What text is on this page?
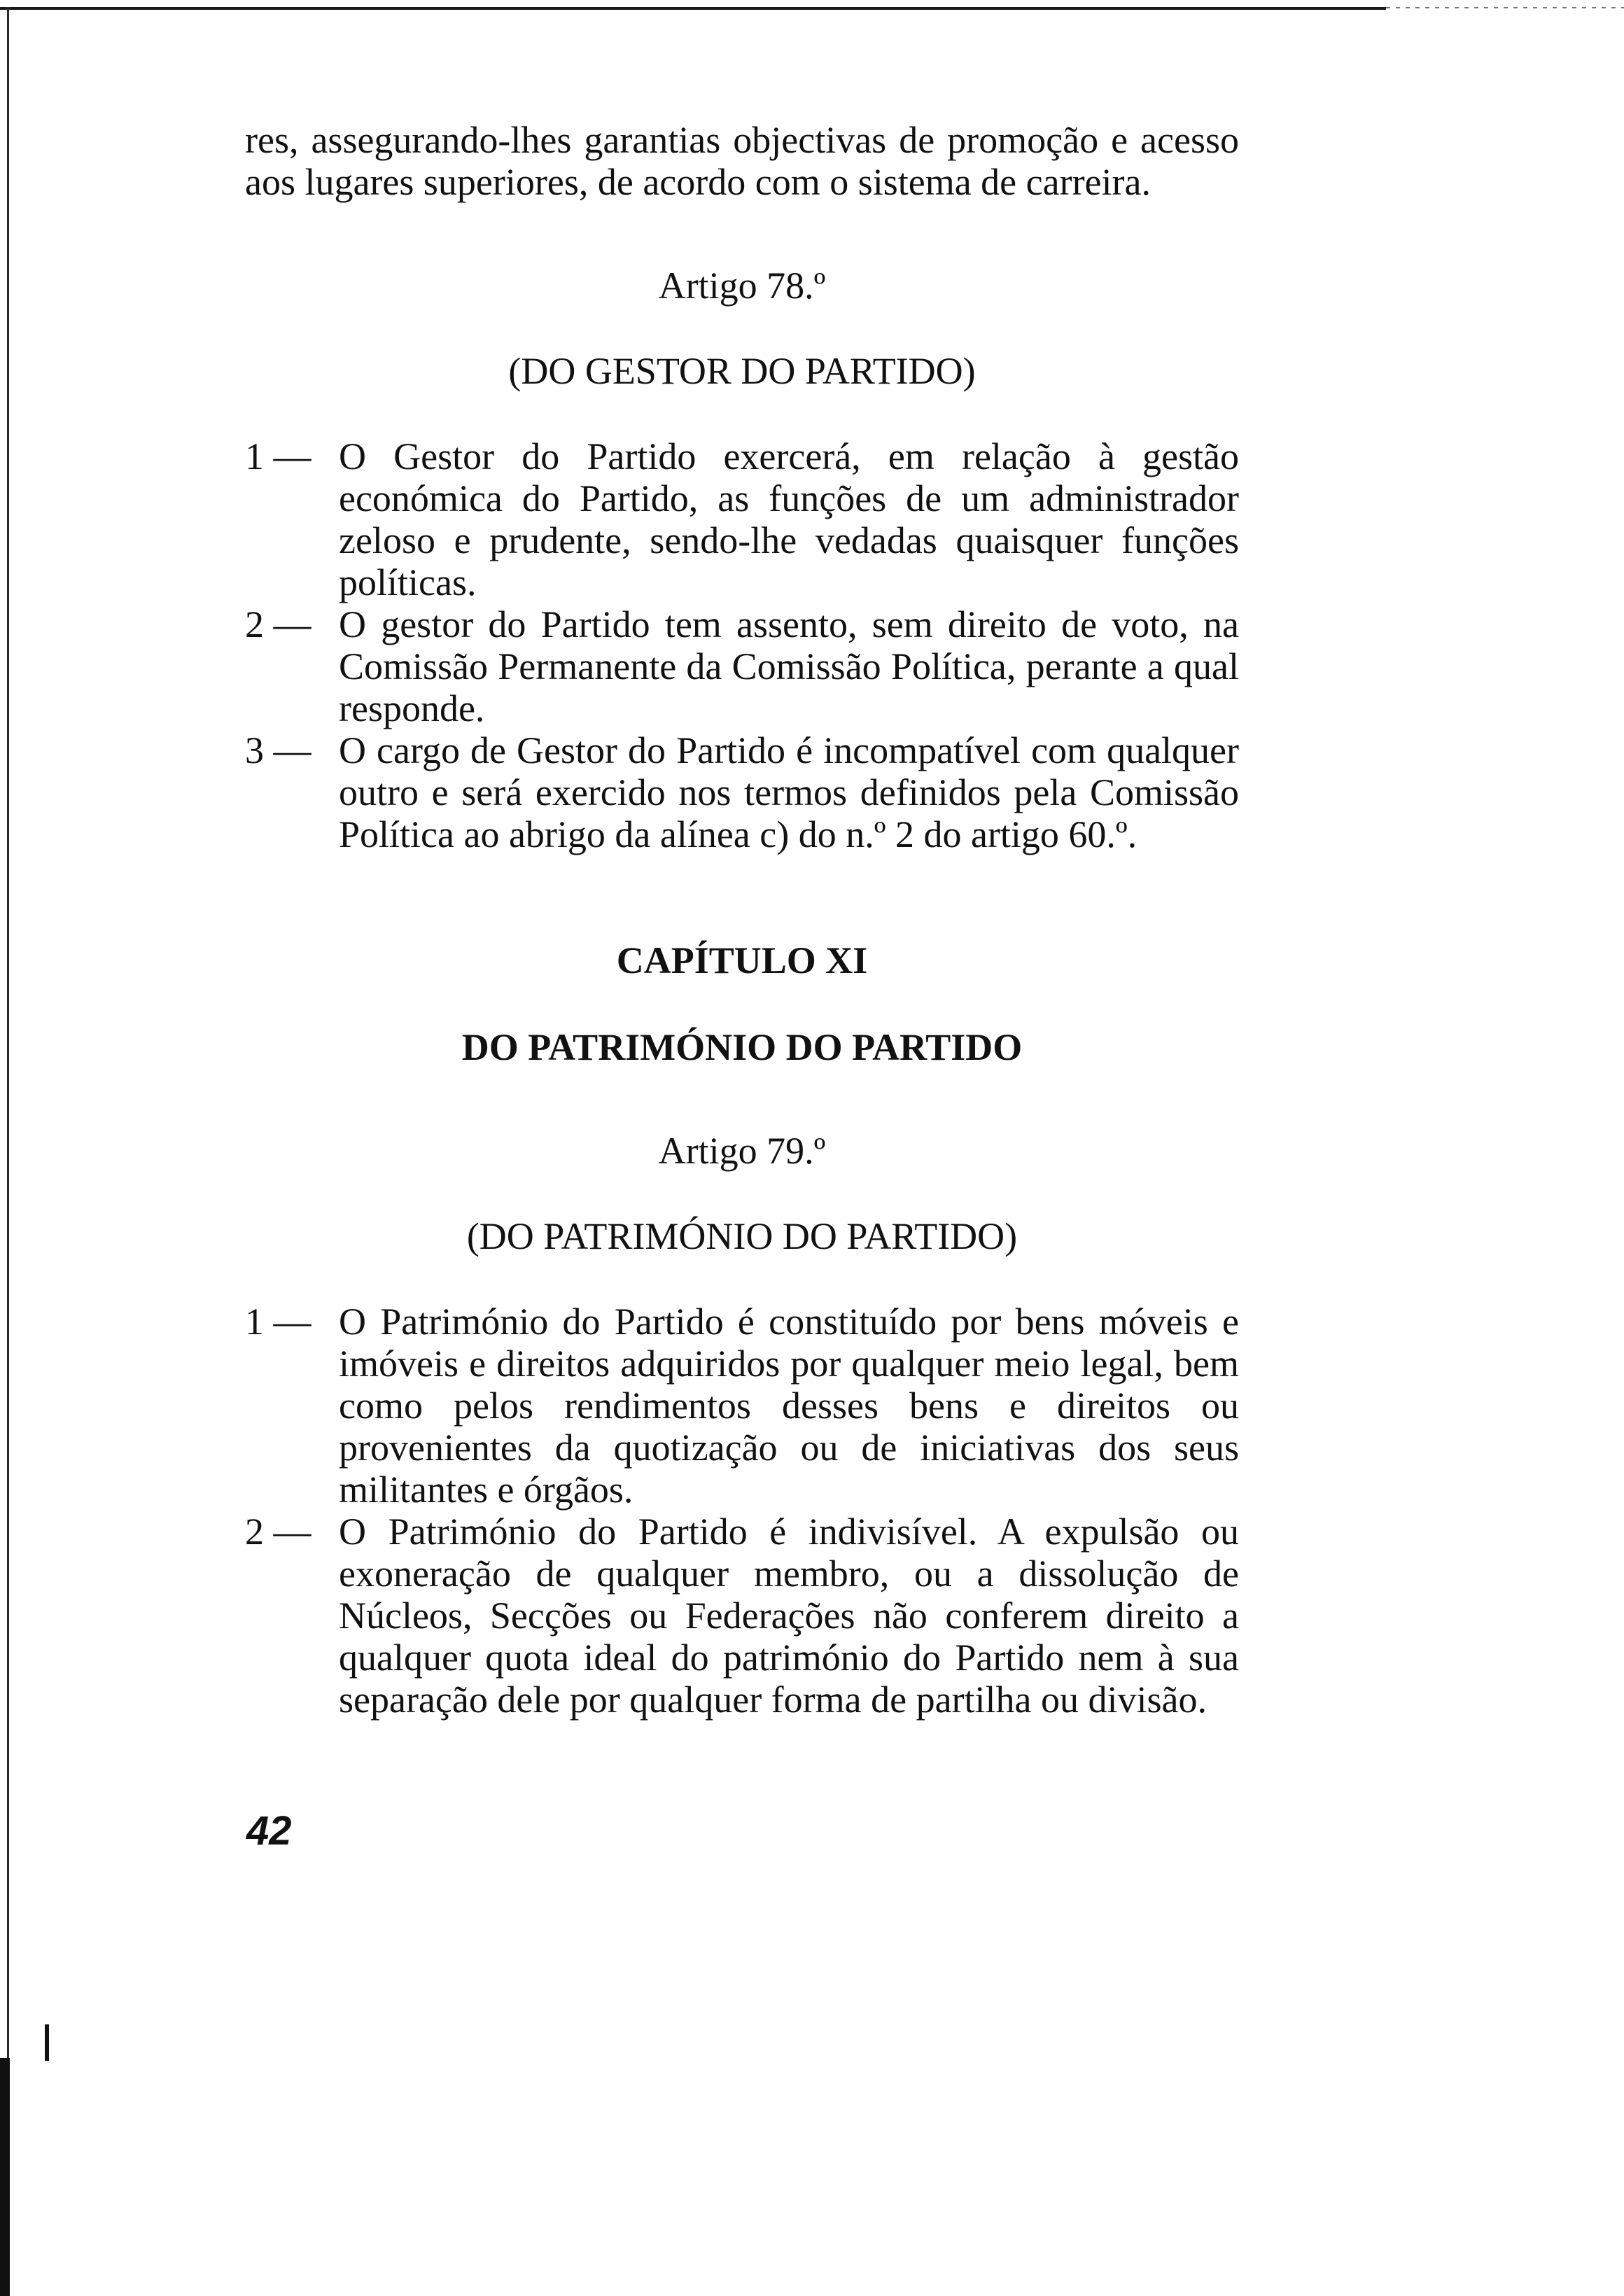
res, assegurando-lhes garantias objectivas de promoção e acesso aos lugares superiores, de acordo com o sistema de carreira.

Artigo 78.º
(DO GESTOR DO PARTIDO)
1 — O Gestor do Partido exercerá, em relação à gestão económica do Partido, as funções de um administrador zeloso e prudente, sendo-lhe vedadas quaisquer funções políticas.

2 — O gestor do Partido tem assento, sem direito de voto, na Comissão Permanente da Comissão Política, perante a qual responde.

3 — O cargo de Gestor do Partido é incompatível com qualquer outro e será exercido nos termos definidos pela Comissão Política ao abrigo da alínea c) do n.º 2 do artigo 60.º.

CAPÍTULO XI
DO PATRIMÓNIO DO PARTIDO
Artigo 79.º
(DO PATRIMÓNIO DO PARTIDO)
1 — O Património do Partido é constituído por bens móveis e imóveis e direitos adquiridos por qualquer meio legal, bem como pelos rendimentos desses bens e direitos ou provenientes da quotização ou de iniciativas dos seus militantes e órgãos.

2 — O Património do Partido é indivisível. A expulsão ou exoneração de qualquer membro, ou a dissolução de Núcleos, Secções ou Federações não conferem direito a qualquer quota ideal do património do Partido nem à sua separação dele por qualquer forma de partilha ou divisão.

42
